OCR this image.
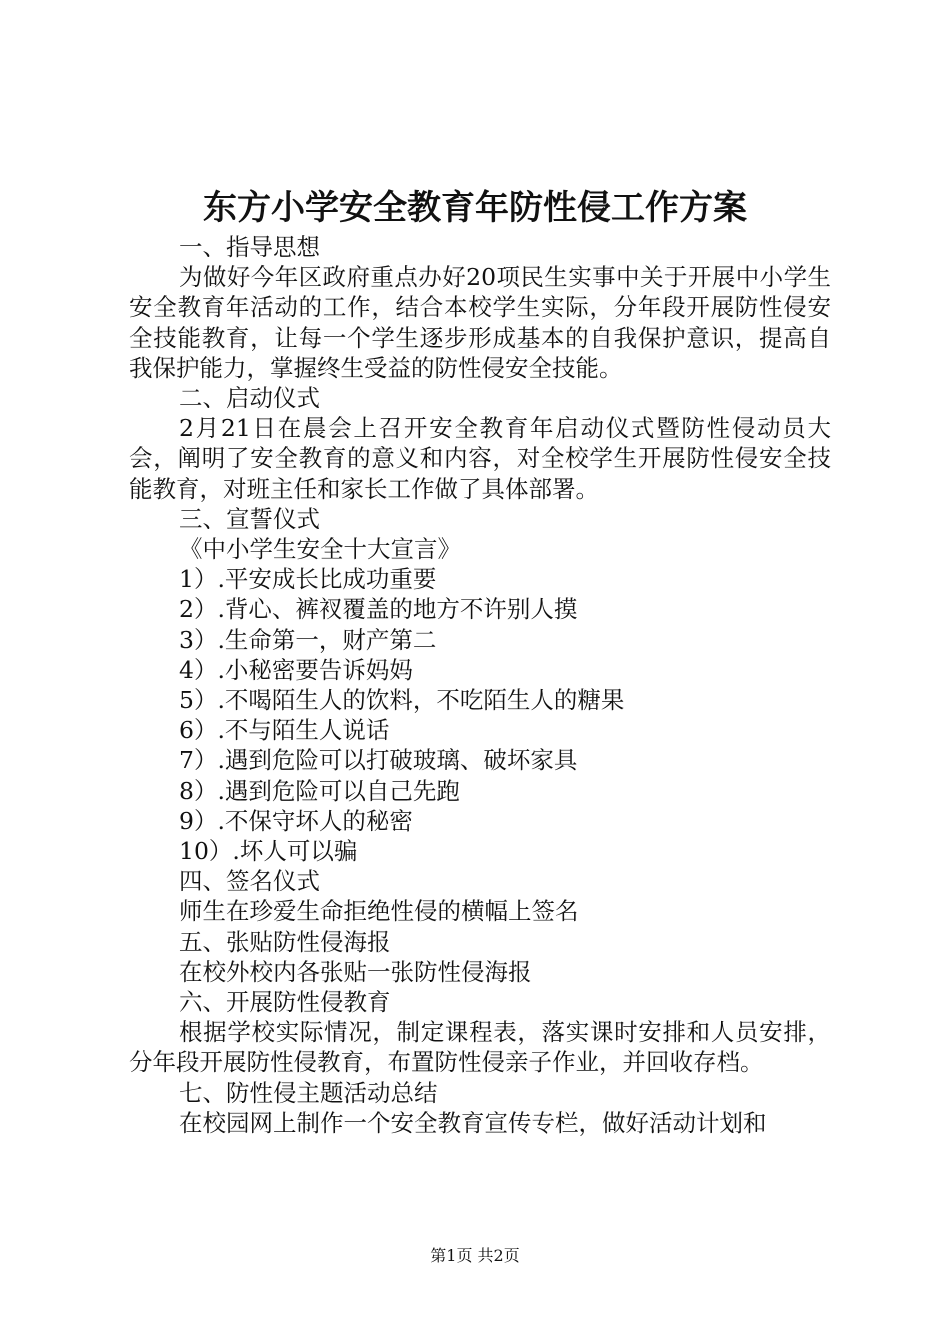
东方小学安全教育年防性侵工作方案

一、指导思想

为做好今年区政府重点办好20项民生实事中关于开展中小学生安全教育年活动的工作，结合本校学生实际，分年段开展防性侵安全技能教育，让每一个学生逐步形成基本的自我保护意识，提高自我保护能力，掌握终生受益的防性侵安全技能。

二、启动仪式

2月21日在晨会上召开安全教育年启动仪式暨防性侵动员大会，阐明了安全教育的意义和内容，对全校学生开展防性侵安全技能教育，对班主任和家长工作做了具体部署。

三、宣誓仪式

《中小学生安全十大宣言》

1）.平安成长比成功重要

2）.背心、裤衩覆盖的地方不许别人摸

3）.生命第一，财产第二

4）.小秘密要告诉妈妈

5）.不喝陌生人的饮料，不吃陌生人的糖果

6）.不与陌生人说话

7）.遇到危险可以打破玻璃、破坏家具

8）.遇到危险可以自己先跑

9）.不保守坏人的秘密

10）.坏人可以骗

四、签名仪式

师生在珍爱生命拒绝性侵的横幅上签名

五、张贴防性侵海报

在校外校内各张贴一张防性侵海报

六、开展防性侵教育

根据学校实际情况，制定课程表，落实课时安排和人员安排，分年段开展防性侵教育，布置防性侵亲子作业，并回收存档。

七、防性侵主题活动总结

在校园网上制作一个安全教育宣传专栏，做好活动计划和

第1页 共2页
